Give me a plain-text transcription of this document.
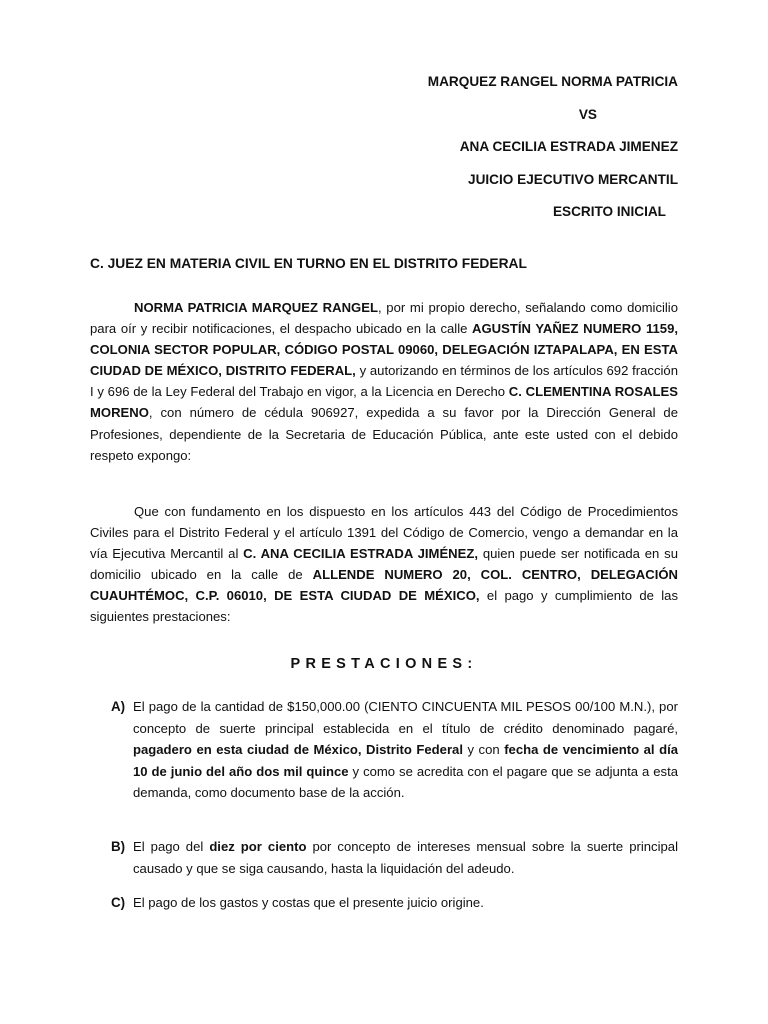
MARQUEZ RANGEL NORMA PATRICIA
VS
ANA CECILIA ESTRADA JIMENEZ
JUICIO EJECUTIVO MERCANTIL
ESCRITO INICIAL
C. JUEZ EN MATERIA CIVIL EN TURNO EN EL DISTRITO FEDERAL
NORMA PATRICIA MARQUEZ RANGEL, por mi propio derecho, señalando como domicilio para oír y recibir notificaciones, el despacho ubicado en la calle AGUSTÍN YAÑEZ NUMERO 1159, COLONIA SECTOR POPULAR, CÓDIGO POSTAL 09060, DELEGACIÓN IZTAPALAPA, EN ESTA CIUDAD DE MÉXICO, DISTRITO FEDERAL, y autorizando en términos de los artículos 692 fracción I y 696 de la Ley Federal del Trabajo en vigor, a la Licencia en Derecho C. CLEMENTINA ROSALES MORENO, con número de cédula 906927, expedida a su favor por la Dirección General de Profesiones, dependiente de la Secretaria de Educación Pública, ante este usted con el debido respeto expongo:
Que con fundamento en los dispuesto en los artículos 443 del Código de Procedimientos Civiles para el Distrito Federal y el artículo 1391 del Código de Comercio, vengo a demandar en la vía Ejecutiva Mercantil al C. ANA CECILIA ESTRADA JIMÉNEZ, quien puede ser notificada en su domicilio ubicado en la calle de ALLENDE NUMERO 20, COL. CENTRO, DELEGACIÓN CUAUHTÉMOC, C.P. 06010, DE ESTA CIUDAD DE MÉXICO, el pago y cumplimiento de las siguientes prestaciones:
PRESTACIONES:
A) El pago de la cantidad de $150,000.00 (CIENTO CINCUENTA MIL PESOS 00/100 M.N.), por concepto de suerte principal establecida en el título de crédito denominado pagaré, pagadero en esta ciudad de México, Distrito Federal y con fecha de vencimiento al día 10 de junio del año dos mil quince y como se acredita con el pagare que se adjunta a esta demanda, como documento base de la acción.
B) El pago del diez por ciento por concepto de intereses mensual sobre la suerte principal causado y que se siga causando, hasta la liquidación del adeudo.
C) El pago de los gastos y costas que el presente juicio origine.
